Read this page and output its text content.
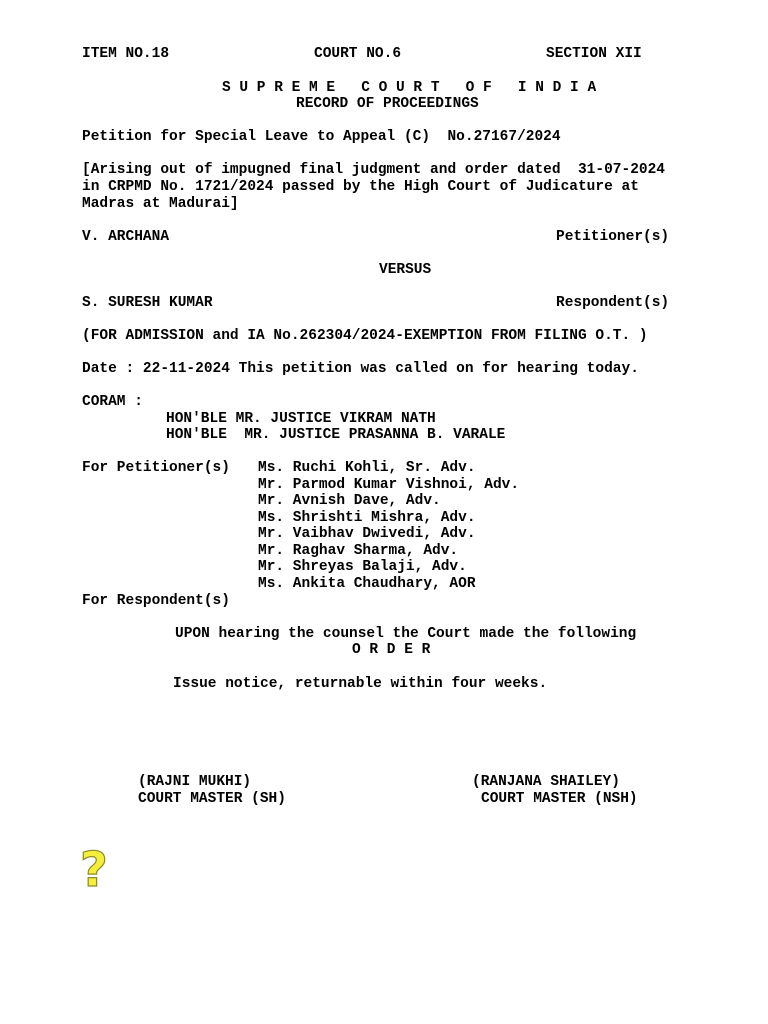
ITEM NO.18	COURT NO.6	SECTION XII
S U P R E M E   C O U R T   O F   I N D I A
RECORD OF PROCEEDINGS
Petition for Special Leave to Appeal (C)  No.27167/2024
[Arising out of impugned final judgment and order dated  31-07-2024
in CRPMD No. 1721/2024 passed by the High Court of Judicature at
Madras at Madurai]
V. ARCHANA	Petitioner(s)
VERSUS
S. SURESH KUMAR	Respondent(s)
(FOR ADMISSION and IA No.262304/2024-EXEMPTION FROM FILING O.T. )
Date : 22-11-2024 This petition was called on for hearing today.
CORAM :
HON'BLE MR. JUSTICE VIKRAM NATH
HON'BLE  MR. JUSTICE PRASANNA B. VARALE
For Petitioner(s) Ms. Ruchi Kohli, Sr. Adv.
Mr. Parmod Kumar Vishnoi, Adv.
Mr. Avnish Dave, Adv.
Ms. Shrishti Mishra, Adv.
Mr. Vaibhav Dwivedi, Adv.
Mr. Raghav Sharma, Adv.
Mr. Shreyas Balaji, Adv.
Ms. Ankita Chaudhary, AOR
For Respondent(s)
UPON hearing the counsel the Court made the following
O R D E R
Issue notice, returnable within four weeks.
(RAJNI MUKHI)
COURT MASTER (SH)
(RANJANA SHAILEY)
COURT MASTER (NSH)
?
